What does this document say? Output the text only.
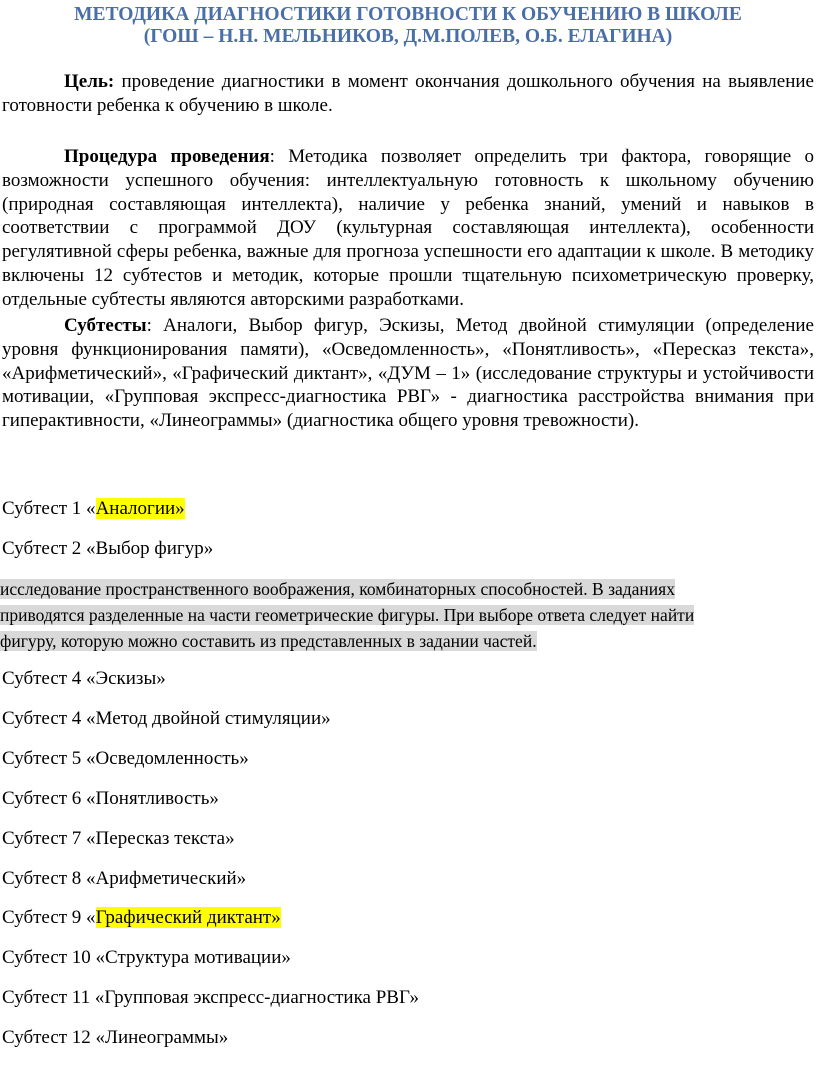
МЕТОДИКА ДИАГНОСТИКИ ГОТОВНОСТИ К ОБУЧЕНИЮ В ШКОЛЕ
(ГОШ – Н.Н. МЕЛЬНИКОВ, Д.М.ПОЛЕВ, О.Б. ЕЛАГИНА)

Цель: проведение диагностики в момент окончания дошкольного обучения на выявление готовности ребенка к обучению в школе.

Процедура проведения: Методика позволяет определить три фактора, говорящие о возможности успешного обучения: интеллектуальную готовность к школьному обучению (природная составляющая интеллекта), наличие у ребенка знаний, умений и навыков в соответствии с программой ДОУ (культурная составляющая интеллекта), особенности регулятивной сферы ребенка, важные для прогноза успешности его адаптации к школе. В методику включены 12 субтестов и методик, которые прошли тщательную психометрическую проверку, отдельные субтесты являются авторскими разработками.

Субтесты: Аналоги, Выбор фигур, Эскизы, Метод двойной стимуляции (определение уровня функционирования памяти), «Осведомленность», «Понятливость», «Пересказ текста», «Арифметический», «Графический диктант», «ДУМ – 1» (исследование структуры и устойчивости мотивации, «Групповая экспресс-диагностика РВГ» - диагностика расстройства внимания при гиперактивности, «Линеограммы» (диагностика общего уровня тревожности).

Субтест 1 «Аналогии»
Субтест 2 «Выбор фигур»
исследование пространственного воображения, комбинаторных способностей. В заданиях
приводятся разделенные на части геометрические фигуры. При выборе ответа следует найти
фигуру, которую можно составить из представленных в задании частей.
Субтест 4 «Эскизы»
Субтест 4 «Метод двойной стимуляции»
Субтест 5 «Осведомленность»
Субтест 6 «Понятливость»
Субтест 7 «Пересказ текста»
Субтест 8 «Арифметический»
Субтест 9 «Графический диктант»
Субтест 10 «Структура мотивации»
Субтест 11 «Групповая экспресс-диагностика РВГ»
Субтест 12 «Линеограммы»
